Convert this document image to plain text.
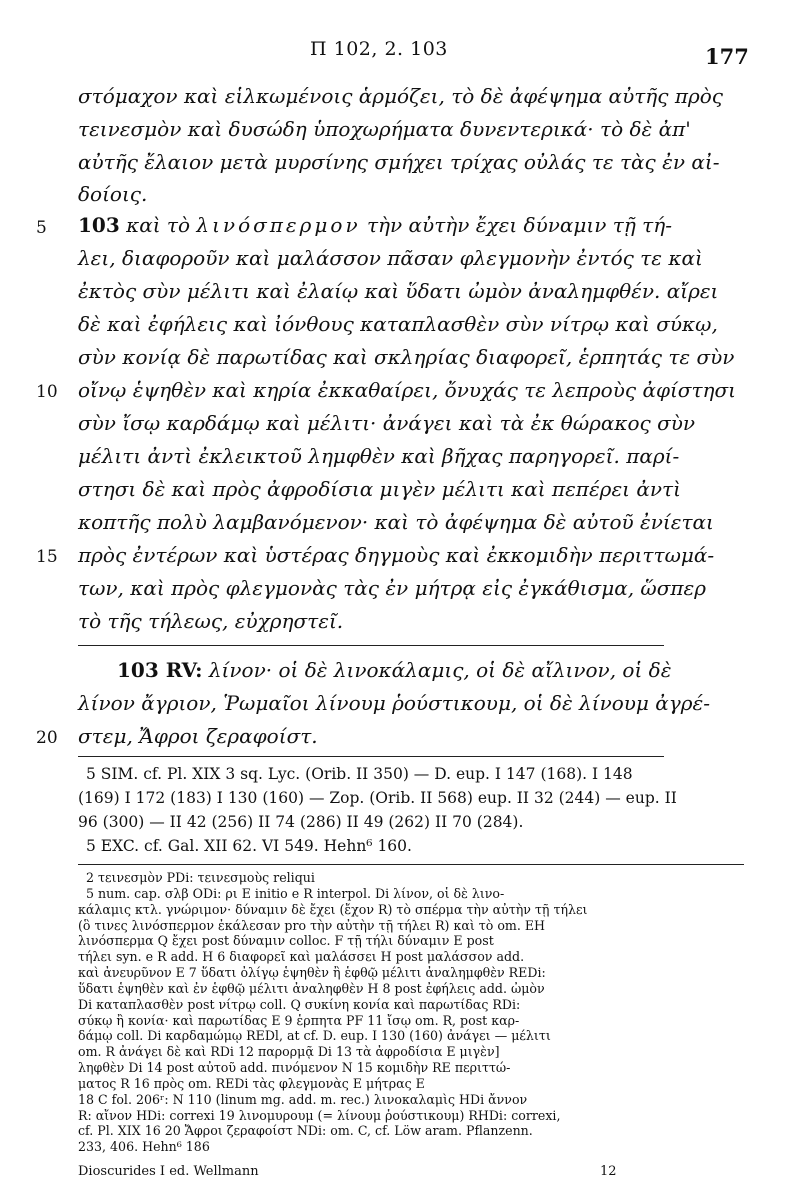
Π 102, 2. 103	177
στόμαχον καὶ εἱλκωμένοις ἁρμόζει, τὸ δὲ ἀφέψημα αὐτῆς πρὸς
τεινεσμὸν καὶ δυσώδη ὑποχωρήματα δυνεντερικά· τὸ δὲ ἀπ'
αὐτῆς ἔλαιον μετὰ μυρσίνης σμήχει τρίχας οὐλάς τε τὰς ἐν αἰ-
δοίοις.
5 103 καὶ τὸ λινόσπερμον τὴν αὐτὴν ἔχει δύναμιν τῇ τή-
λει, διαφοροῦν καὶ μαλάσσον πᾶσαν φλεγμονὴν ἐντός τε καὶ
ἐκτὸς σὺν μέλιτι καὶ ἐλαίῳ καὶ ὕδατι ὠμὸν ἀναλημφθέν. αἴρει
δὲ καὶ ἐφήλεις καὶ ἰόνθους καταπλασθὲν σὺν νίτρῳ καὶ σύκῳ,
σὺν κονίᾳ δὲ παρωτίδας καὶ σκληρίας διαφορεῖ, ἑρπητάς τε σὺν
10 οἴνῳ ἑψηθὲν καὶ κηρία ἐκκαθαίρει, ὄνυχάς τε λεπροὺς ἀφίστησι
σὺν ἴσῳ καρδάμῳ καὶ μέλιτι· ἀνάγει καὶ τὰ ἐκ θώρακος σὺν
μέλιτι ἀντὶ ἐκλεικτοῦ λημφθὲν καὶ βῆχας παρηγορεῖ. παρί-
στησι δὲ καὶ πρὸς ἀφροδίσια μιγὲν μέλιτι καὶ πεπέρει ἀντὶ
κοπτῆς πολὺ λαμβανόμενον· καὶ τὸ ἀφέψημα δὲ αὐτοῦ ἐνίεται
15 πρὸς ἐντέρων καὶ ὑστέρας δηγμοὺς καὶ ἐκκομιδὴν περιττωμά-
των, καὶ πρὸς φλεγμονὰς τὰς ἐν μήτρᾳ εἰς ἐγκάθισμα, ὥσπερ
τὸ τῆς τήλεως, εὐχρηστεῖ.
103 RV: λίνον· οἱ δὲ λινοκάλαμις, οἱ δὲ αἴλινον, οἱ δὲ
λίνον ἄγριον, Ῥωμαῖοι λίνουμ ῥούστικουμ, οἱ δὲ λίνουμ ἀγρέ-
20 στεμ, Ἄφροι ζεραφοίστ.
5 SIM. cf. Pl. XIX 3 sq. Lyc. (Orib. II 350) — D. eup. I 147 (168). I 148
(169) I 172 (183) I 130 (160) — Zop. (Orib. II 568) eup. II 32 (244) — eup. II
96 (300) — II 42 (256) II 74 (286) II 49 (262) II 70 (284).
5 EXC. cf. Gal. XII 62. VI 549. Hehn⁶ 160.
2 τεινεσμὸν PDi: τεινεσμοὺς reliqui
5 num. cap. σλβ ODi: ρι E initio e R interpol. Di λίνον, οἱ δὲ λινο-
κάλαμις κτλ. γνώριμον· δύναμιν δὲ ἔχει (ἔχον R) τὸ σπέρμα τὴν αὐτὴν τῇ τήλει
(ὃ τινες λινόσπερμον ἐκάλεσαν pro τὴν αὐτὴν τῇ τήλει R) καὶ τὸ om. EH
λινόσπερμα Q ἔχει post δύναμιν colloc. F τῇ τήλι δύναμιν E post
τήλει syn. e R add. H 6 διαφορεῖ καὶ μαλάσσει H post μαλάσσον add.
καὶ ἀνευρῦνον E 7 ὕδατι ὀλίγῳ ἑψηθὲν ἢ ἑφθῷ μέλιτι ἀναλημφθὲν REDi:
ὕδατι ἑψηθὲν καὶ ἐν ἑφθῷ μέλιτι ἀναληφθὲν H 8 post ἐφήλεις add. ὠμὸν
Di καταπλασθὲν post νίτρῳ coll. Q συκίνη κονία καὶ παρωτίδας RDi:
σύκῳ ἢ κονία· καὶ παρωτίδας E 9 ἑρπητα PF 11 ἴσῳ om. R, post καρ-
δάμῳ coll. Di καρδαμώμῳ REDl, at cf. D. eup. I 130 (160) ἀνάγει — μέλιτι
om. R ἀνάγει δὲ καὶ RDi 12 παρορμᾷ Di 13 τὰ ἀφροδίσια E μιγὲν]
ληφθὲν Di 14 post αὐτοῦ add. πινόμενον N 15 κομιδὴν RE περιττώ-
ματος R 16 πρὸς om. REDi τὰς φλεγμονὰς E μήτρας E
18 C fol. 206ʳ: N 110 (linum mg. add. m. rec.) λινοκαλαμὶς HDi ἄννον
R: αἴνον HDi: correxi 19 λινομυρουμ (= λίνουμ ῥούστικουμ) RHDi: correxi,
cf. Pl. XIX 16 20 Ἄφροι ζεραφοίστ NDi: om. C, cf. Löw aram. Pflanzenn.
233, 406. Hehn⁶ 186
Dioscurides I ed. Wellmann	12
